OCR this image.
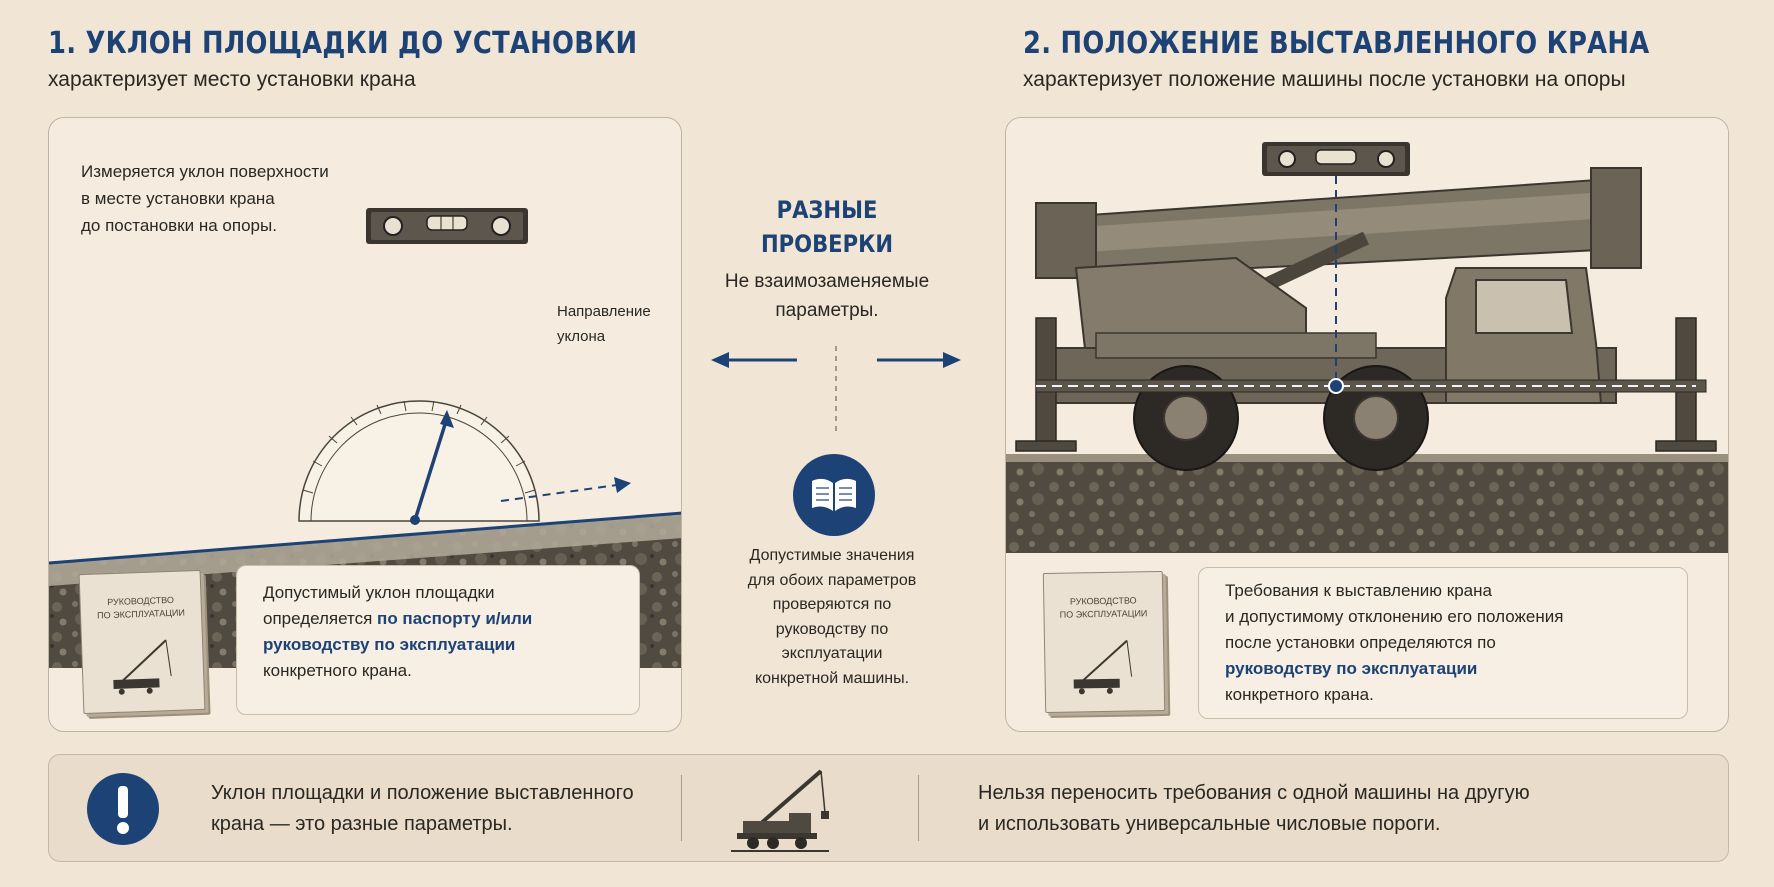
1. УКЛОН ПЛОЩАДКИ ДО УСТАНОВКИ
характеризует место установки крана
2. ПОЛОЖЕНИЕ ВЫСТАВЛЕННОГО КРАНА
характеризует положение машины после установки на опоры
Измеряется уклон поверхности
в месте установки крана
до постановки на опоры.
Направление
уклона
РУКОВОДСТВО
ПО ЭКСПЛУАТАЦИИ
Допустимый уклон площадки
определяется по паспорту и/или
руководству по эксплуатации
конкретного крана.
РАЗНЫЕ
ПРОВЕРКИ
Не взаимозаменяемые
параметры.
Допустимые значения
для обоих параметров
проверяются по
руководству по
эксплуатации
конкретной машины.
РУКОВОДСТВО
ПО ЭКСПЛУАТАЦИИ
Требования к выставлению крана
и допустимому отклонению его положения
после установки определяются по
руководству по эксплуатации
конкретного крана.
Уклон площадки и положение выставленного
крана — это разные параметры.
Нельзя переносить требования с одной машины на другую
и использовать универсальные числовые пороги.
